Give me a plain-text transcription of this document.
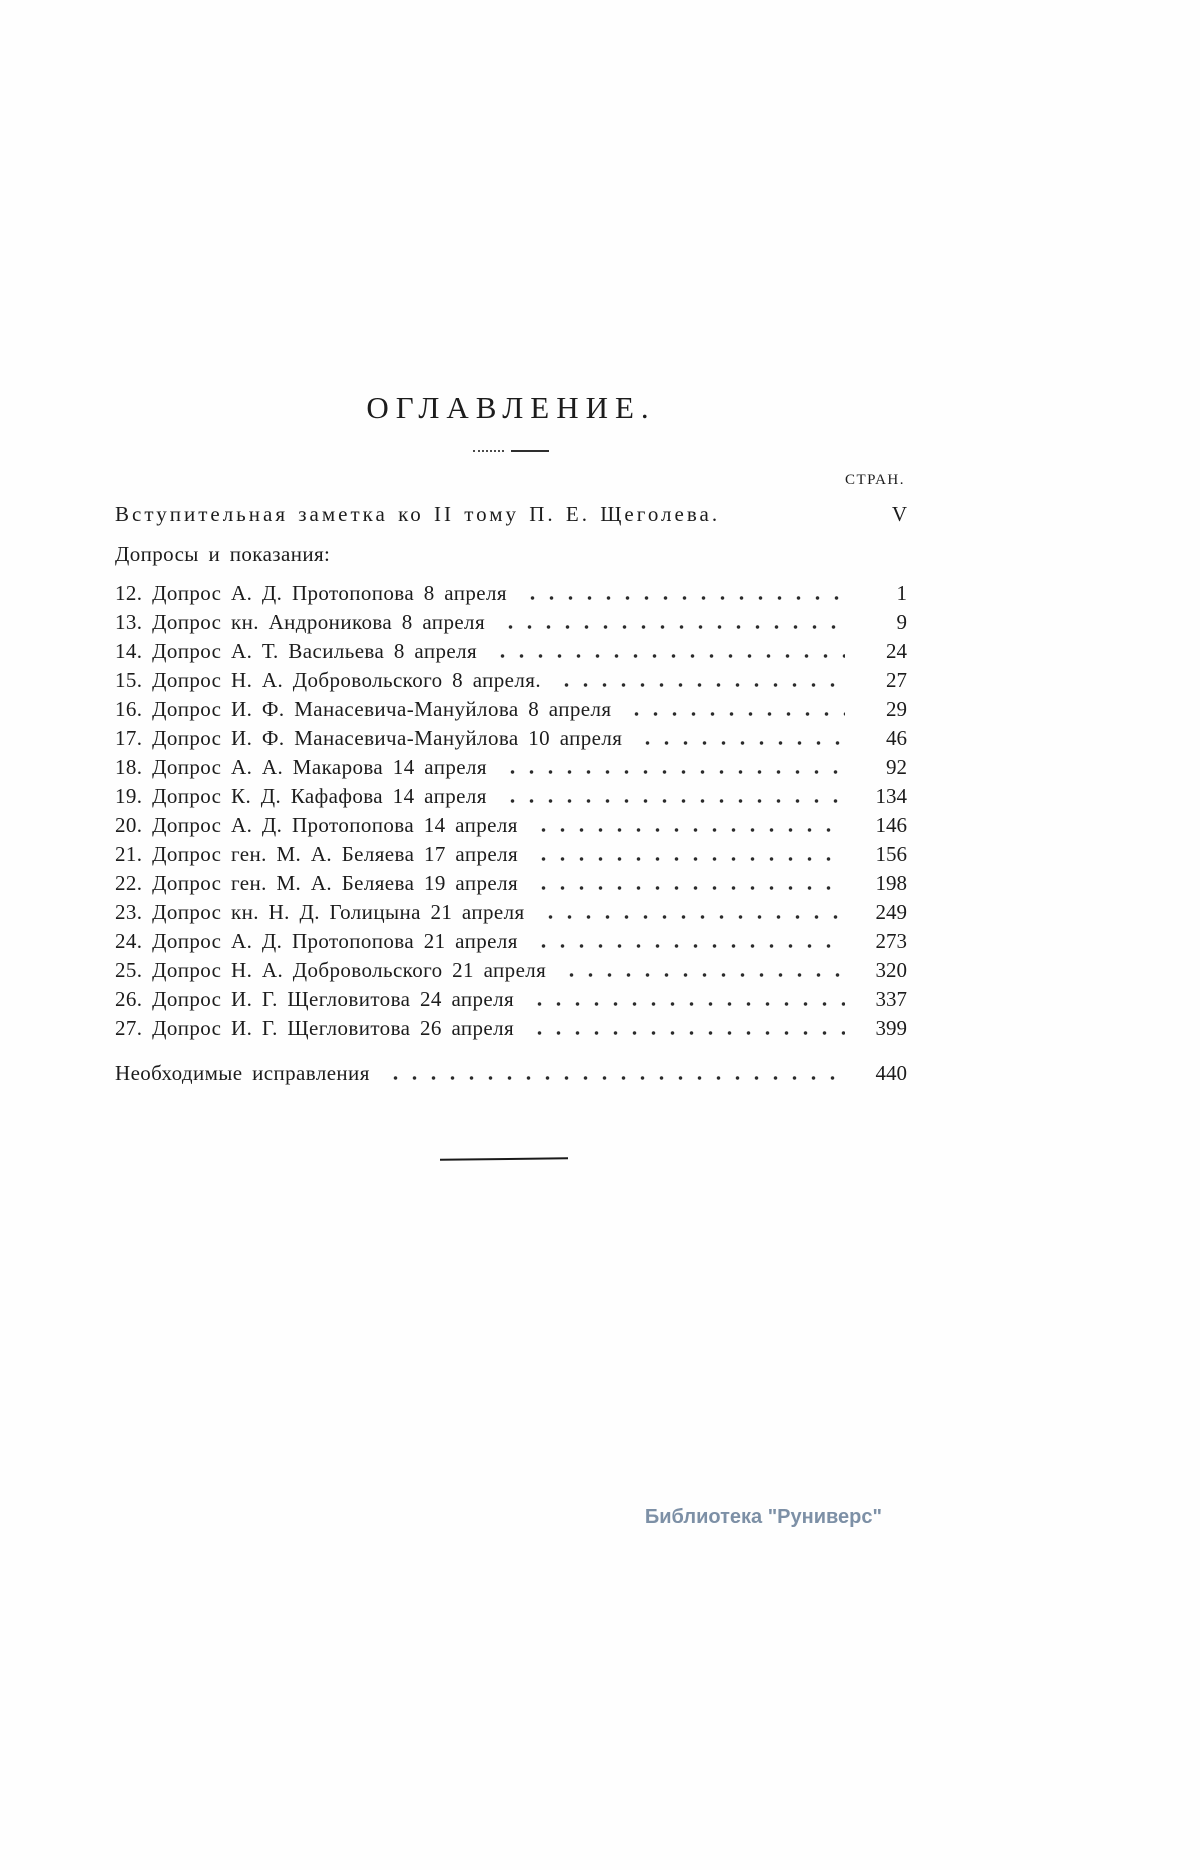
ОГЛАВЛЕНИЕ.
СТРАН.
Вступительная заметка ко II тому П. Е. Щеголева.	V
Допросы и показания:
12. Допрос А. Д. Протопопова 8 апреля	1
13. Допрос кн. Андроникова 8 апреля	9
14. Допрос А. Т. Васильева 8 апреля	24
15. Допрос Н. А. Добровольского 8 апреля.	27
16. Допрос И. Ф. Манасевича-Мануйлова 8 апреля	29
17. Допрос И. Ф. Манасевича-Мануйлова 10 апреля	46
18. Допрос А. А. Макарова 14 апреля	92
19. Допрос К. Д. Кафафова 14 апреля	134
20. Допрос А. Д. Протопопова 14 апреля	146
21. Допрос ген. М. А. Беляева 17 апреля	156
22. Допрос ген. М. А. Беляева 19 апреля	198
23. Допрос кн. Н. Д. Голицына 21 апреля	249
24. Допрос А. Д. Протопопова 21 апреля	273
25. Допрос Н. А. Добровольского 21 апреля	320
26. Допрос И. Г. Щегловитова 24 апреля	337
27. Допрос И. Г. Щегловитова 26 апреля	399
Необходимые исправления	440
Библиотека "Руниверс"
